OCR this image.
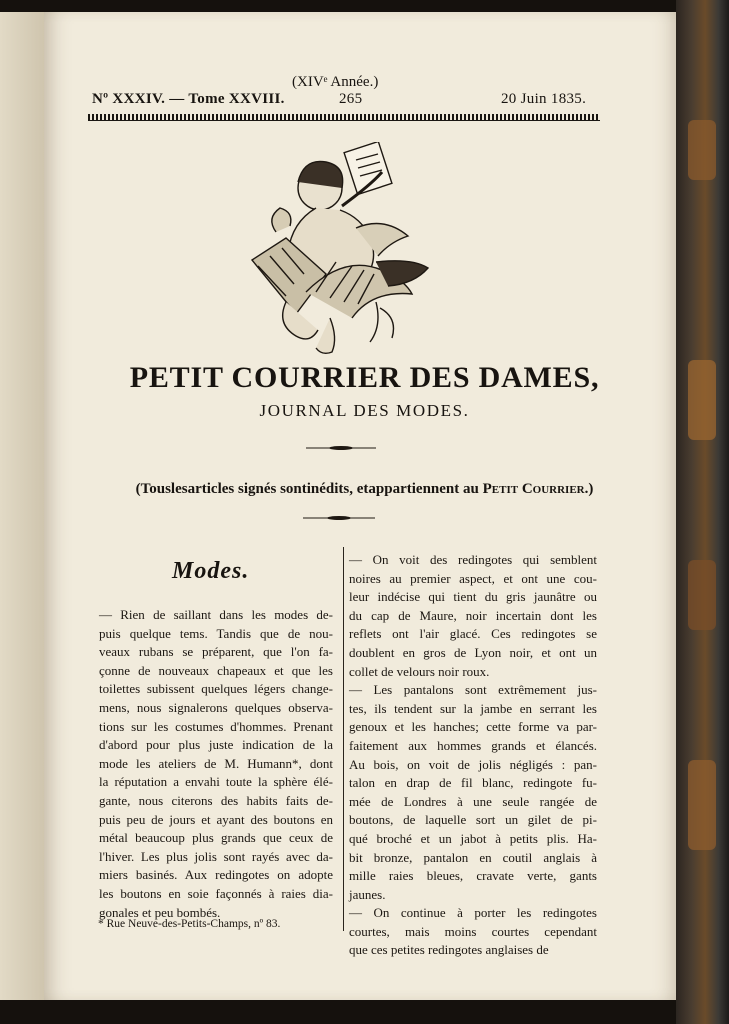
(XIVᵉ Année.)
Nº XXXIV. — Tome XXVIII.	265	20 Juin 1835.
PETIT COURRIER DES DAMES,
JOURNAL DES MODES.
(Touslesarticles signés sontinédits, etappartiennent au Petit Courrier.)
Modes.
— Rien de saillant dans les modes de-
puis quelque tems. Tandis que de nou-
veaux rubans se préparent, que l'on fa-
çonne de nouveaux chapeaux et que les
toilettes subissent quelques légers change-
mens, nous signalerons quelques observa-
tions sur les costumes d'hommes. Prenant
d'abord pour plus juste indication de la
mode les ateliers de M. Humann*, dont
la réputation a envahi toute la sphère élé-
gante, nous citerons des habits faits de-
puis peu de jours et ayant des boutons en
métal beaucoup plus grands que ceux de
l'hiver. Les plus jolis sont rayés avec da-
miers basinés. Aux redingotes on adopte
les boutons en soie façonnés à raies dia-
gonales et peu bombés.
— On voit des redingotes qui semblent
noires au premier aspect, et ont une cou-
leur indécise qui tient du gris jaunâtre ou
du cap de Maure, noir incertain dont les
reflets ont l'air glacé. Ces redingotes se
doublent en gros de Lyon noir, et ont un
collet de velours noir roux.
— Les pantalons sont extrêmement jus-
tes, ils tendent sur la jambe en serrant les
genoux et les hanches; cette forme va par-
faitement aux hommes grands et élancés.
Au bois, on voit de jolis négligés : pan-
talon en drap de fil blanc, redingote fu-
mée de Londres à une seule rangée de
boutons, de laquelle sort un gilet de pi-
qué broché et un jabot à petits plis. Ha-
bit bronze, pantalon en coutil anglais à
mille raies bleues, cravate verte, gants
jaunes.
— On continue à porter les redingotes
courtes, mais moins courtes cependant
que ces petites redingotes anglaises de
* Rue Neuve-des-Petits-Champs, nº 83.
